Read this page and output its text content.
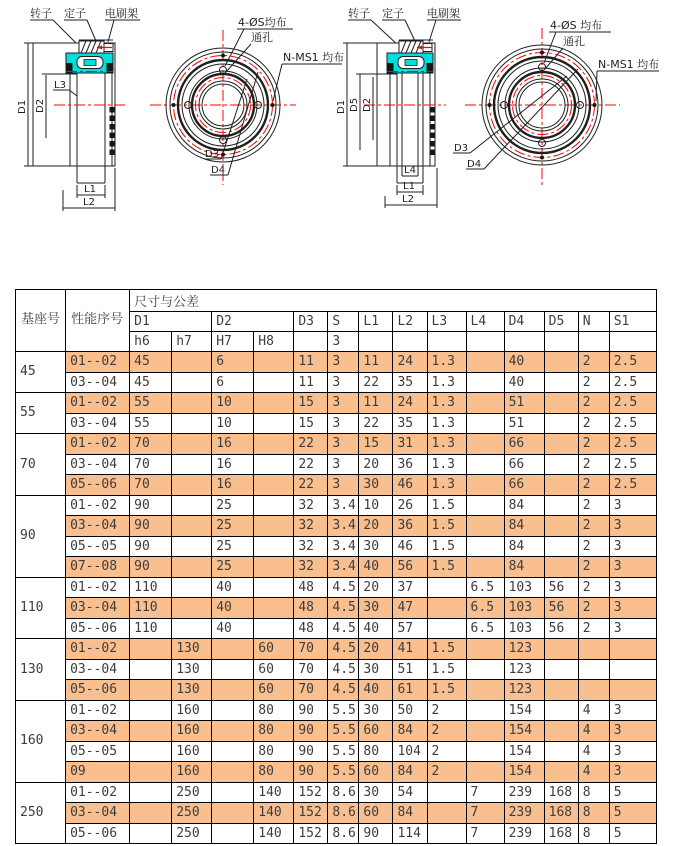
转子 定子 电刷架
D1 D2
L3
L1
L2
4-ØS均布
通孔
N-MS1 均布
D3
D4
转子 定子 电刷架
D1 D5 D2
L4
L1
L2
4-ØS 均布
通孔
N-MS1 均布
D3
D4
基座号	性能序号	尺寸与公差													
		D1		D2		D3	S	L1	L2	L3	L4	D4	D5	N	S1
		h6	h7	H7	H8		3								
45	01--02	45		6		11	3	11	24	1.3		40		2	2.5
	03--04	45		6		11	3	22	35	1.3		40		2	2.5
55	01--02	55		10		15	3	11	24	1.3		51		2	2.5
	03--04	55		10		15	3	22	35	1.3		51		2	2.5
70	01--02	70		16		22	3	15	31	1.3		66		2	2.5
	03--04	70		16		22	3	20	36	1.3		66		2	2.5
	05--06	70		16		22	3	30	46	1.3		66		2	2.5
90	01--02	90		25		32	3.4	10	26	1.5		84		2	3
	03--04	90		25		32	3.4	20	36	1.5		84		2	3
	05--05	90		25		32	3.4	30	46	1.5		84		2	3
	07--08	90		25		32	3.4	40	56	1.5		84		2	3
110	01--02	110		40		48	4.5	20	37		6.5	103	56	2	3
	03--04	110		40		48	4.5	30	47		6.5	103	56	2	3
	05--06	110		40		48	4.5	40	57		6.5	103	56	2	3
130	01--02		130		60	70	4.5	20	41	1.5		123			
	03--04		130		60	70	4.5	30	51	1.5		123			
	05--06		130		60	70	4.5	40	61	1.5		123			
160	01--02		160		80	90	5.5	30	50	2		154		4	3
	03--04		160		80	90	5.5	60	84	2		154		4	3
	05--05		160		80	90	5.5	80	104	2		154		4	3
	09		160		80	90	5.5	60	84	2		154		4	3
250	01--02		250		140	152	8.6	30	54		7	239	168	8	5
	03--04		250		140	152	8.6	60	84		7	239	168	8	5
	05--06		250		140	152	8.6	90	114		7	239	168	8	5
